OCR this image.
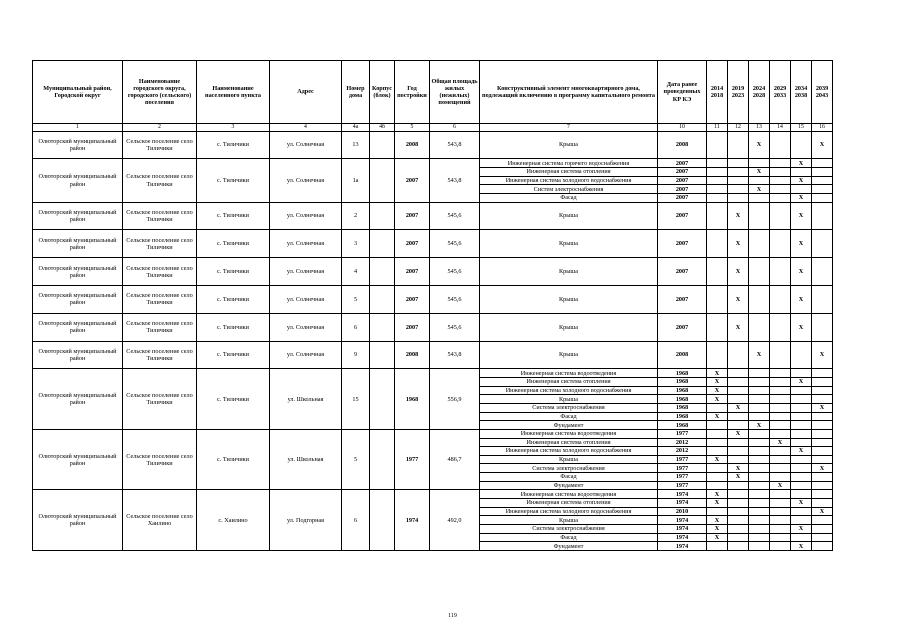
Муниципальный район, Городской округ	Наименование городского округа, городского (сельского) поселения	Наименование населенного пункта	Адрес	Номер дома	Корпус (блок)	Год постройки	Общая площадь жилых (нежилых) помещений	Конструктивный элемент многоквартирного дома, подлежащий включению в программу капитального ремонта	Дата ранее проведенных КР КЭ	2014 2018	2019 2023	2024 2028	2029 2033	2034 2038	2039 2043
1	2	3	4	4а	4б	5	6	7	10	11	12	13	14	15	16
Олюторский муниципальный район	Сельское поселение село Тиличики	с. Тиличики	ул. Солнечная	13		2008	543,8	Крыша	2008			X			X
Олюторский муниципальный район	Сельское поселение село Тиличики	с. Тиличики	ул. Солнечная	1а		2007	543,8	Инженерная система горячего водоснабжения	2007					X	
								Инженерная система отопления	2007			X			
								Инженерная система холодного водоснабжения	2007					X	
								Систем электроснабжения	2007			X			
								Фасад	2007					X	
Олюторский муниципальный район	Сельское поселение село Тиличики	с. Тиличики	ул. Солнечная	2		2007	545,6	Крыша	2007		X			X	
Олюторский муниципальный район	Сельское поселение село Тиличики	с. Тиличики	ул. Солнечная	3		2007	545,6	Крыша	2007		X			X	
Олюторский муниципальный район	Сельское поселение село Тиличики	с. Тиличики	ул. Солнечная	4		2007	545,6	Крыша	2007		X			X	
Олюторский муниципальный район	Сельское поселение село Тиличики	с. Тиличики	ул. Солнечная	5		2007	545,6	Крыша	2007		X			X	
Олюторский муниципальный район	Сельское поселение село Тиличики	с. Тиличики	ул. Солнечная	6		2007	545,6	Крыша	2007		X			X	
Олюторский муниципальный район	Сельское поселение село Тиличики	с. Тиличики	ул. Солнечная	9		2008	543,8	Крыша	2008			X			X
Олюторский муниципальный район	Сельское поселение село Тиличики	с. Тиличики	ул. Школьная	15		1968	556,9	Инженерная система водоотведения	1968	X					
								Инженерная система отопления	1968	X				X	
								Инженерная система холодного водоснабжения	1968	X					
								Крыша	1968	X					
								Система электроснабжения	1968		X				X
								Фасад	1968	X					
								Фундамент	1968			X			
Олюторский муниципальный район	Сельское поселение село Тиличики	с. Тиличики	ул. Школьная	5		1977	486,7	Инженерная система водоотведения	1977		X				
								Инженерная система отопления	2012				X		
								Инженерная система холодного водоснабжения	2012					X	
								Крыша	1977	X					
								Система электроснабжения	1977		X				X
								Фасад	1977		X				
								Фундамент	1977				X		
Олюторский муниципальный район	Сельское поселение село Хаилино	с. Хаилино	ул. Подгорная	6		1974	492,0	Инженерная система водоотведения	1974	X					
								Инженерная система отопления	1974	X				X	
								Инженерная система холодного водоснабжения	2010						X
								Крыша	1974	X					
								Система электроснабжения	1974	X				X	
								Фасад	1974	X					
								Фундамент	1974					X	
119
